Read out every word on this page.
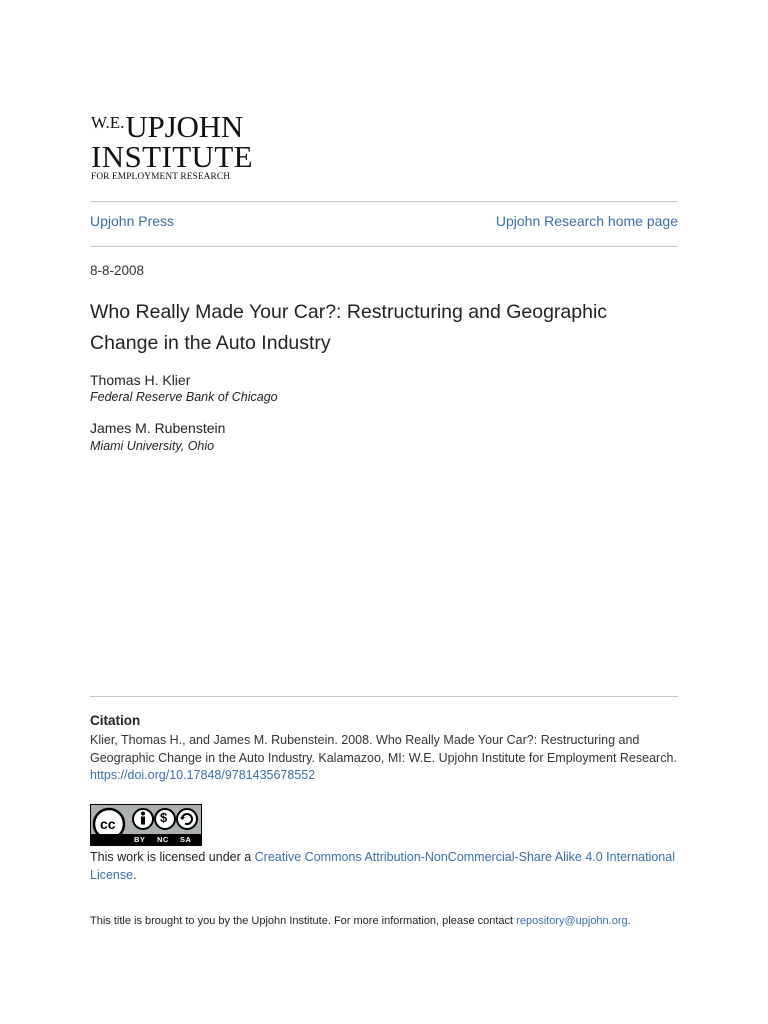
$^{W.E.}$UPJOHN
INSTITUTE
FOR EMPLOYMENT RESEARCH
Upjohn Press	Upjohn Research home page
8-8-2008
Who Really Made Your Car?: Restructuring and Geographic Change in the Auto Industry
Thomas H. Klier
Federal Reserve Bank of Chicago
James M. Rubenstein
Miami University, Ohio
Citation
Klier, Thomas H., and James M. Rubenstein. 2008. Who Really Made Your Car?: Restructuring and Geographic Change in the Auto Industry. Kalamazoo, MI: W.E. Upjohn Institute for Employment Research.
https://doi.org/10.17848/9781435678552
cc	$
BY NC SA
This work is licensed under a Creative Commons Attribution-NonCommercial-Share Alike 4.0 International License.
This title is brought to you by the Upjohn Institute. For more information, please contact repository@upjohn.org.
